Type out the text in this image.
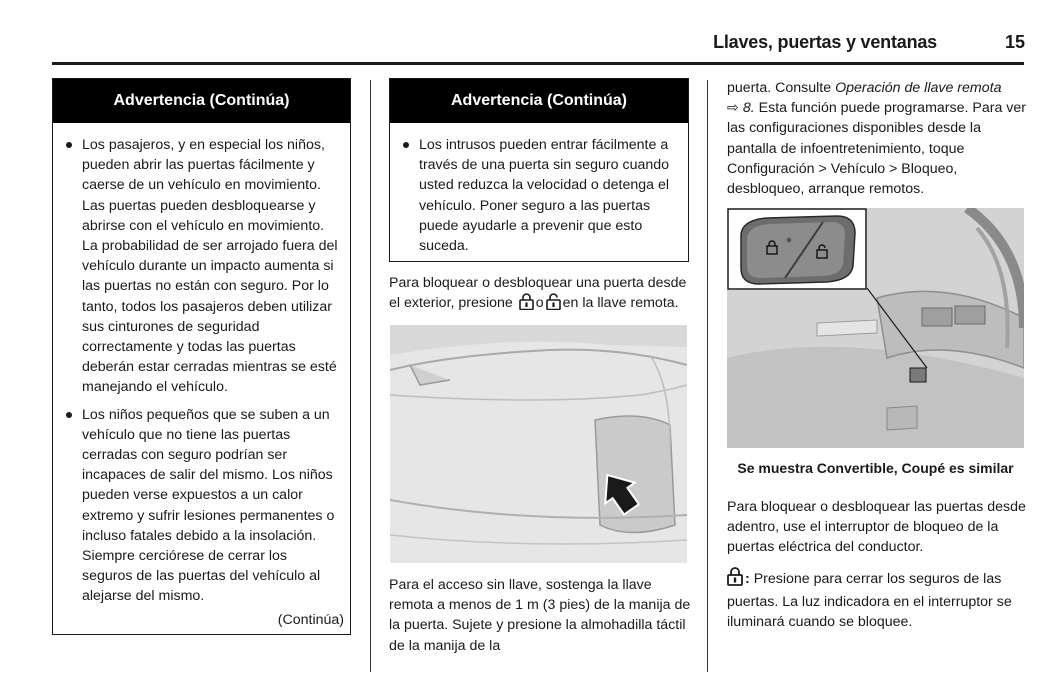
Llaves, puertas y ventanas	15
Advertencia (Continúa)
Los pasajeros, y en especial los niños, pueden abrir las puertas fácilmente y caerse de un vehículo en movimiento. Las puertas pueden desbloquearse y abrirse con el vehículo en movimiento. La probabilidad de ser arrojado fuera del vehículo durante un impacto aumenta si las puertas no están con seguro. Por lo tanto, todos los pasajeros deben utilizar sus cinturones de seguridad correctamente y todas las puertas deberán estar cerradas mientras se esté manejando el vehículo.
Los niños pequeños que se suben a un vehículo que no tiene las puertas cerradas con seguro podrían ser incapaces de salir del mismo. Los niños pueden verse expuestos a un calor extremo y sufrir lesiones permanentes o incluso fatales debido a la insolación. Siempre cerciórese de cerrar los seguros de las puertas del vehículo al alejarse del mismo.
(Continúa)
Advertencia (Continúa)
Los intrusos pueden entrar fácilmente a través de una puerta sin seguro cuando usted reduzca la velocidad o detenga el vehículo. Poner seguro a las puertas puede ayudarle a prevenir que esto suceda.
Para bloquear o desbloquear una puerta desde el exterior, presione o en la llave remota.
Para el acceso sin llave, sostenga la llave remota a menos de 1 m (3 pies) de la manija de la puerta. Sujete y presione la almohadilla táctil de la manija de la
puerta. Consulte Operación de llave remota
⇨ 8. Esta función puede programarse. Para ver las configuraciones disponibles desde la pantalla de infoentretenimiento, toque Configuración > Vehículo > Bloqueo, desbloqueo, arranque remotos.
Se muestra Convertible, Coupé es similar
Para bloquear o desbloquear las puertas desde adentro, use el interruptor de bloqueo de la puertas eléctrica del conductor.
: Presione para cerrar los seguros de las puertas. La luz indicadora en el interruptor se iluminará cuando se bloquee.
